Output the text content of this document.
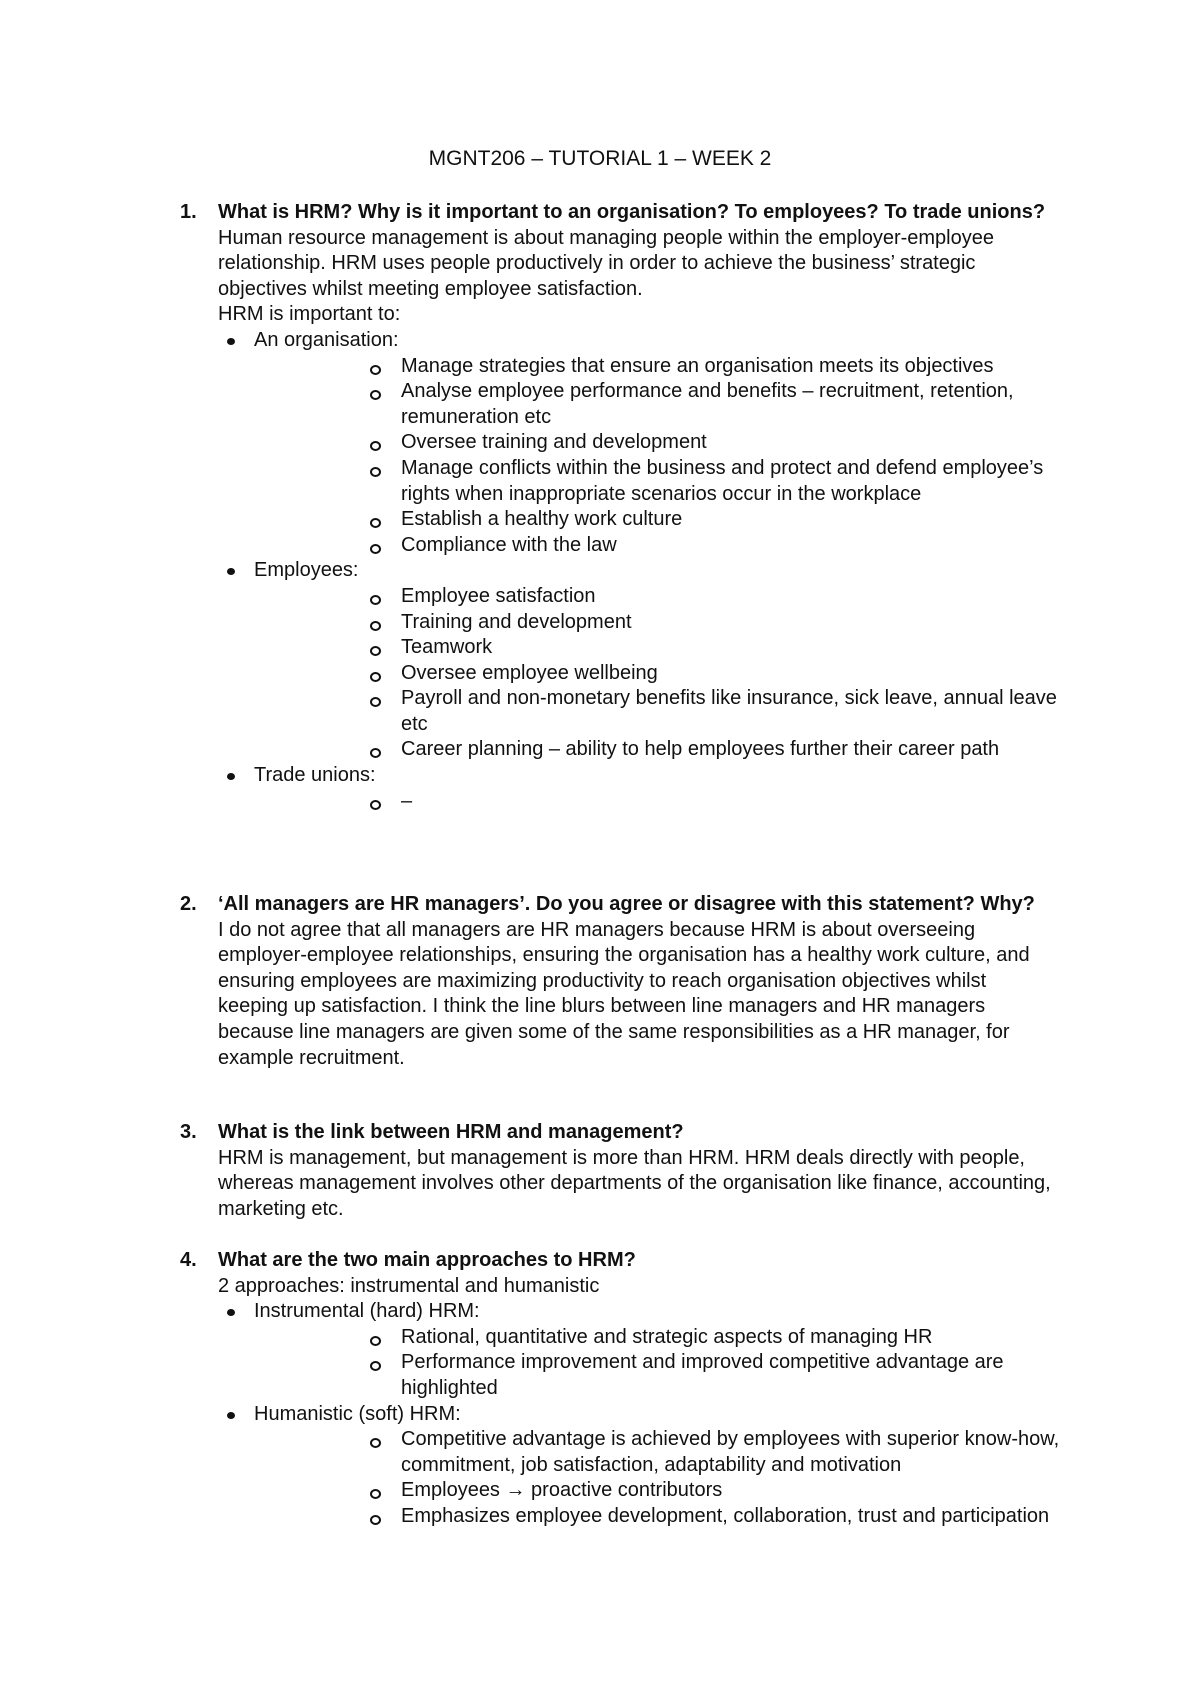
MGNT206 – TUTORIAL 1 – WEEK 2
1. What is HRM? Why is it important to an organisation? To employees? To trade unions?
Human resource management is about managing people within the employer-employee relationship. HRM uses people productively in order to achieve the business’ strategic objectives whilst meeting employee satisfaction.
HRM is important to:
An organisation:
Manage strategies that ensure an organisation meets its objectives
Analyse employee performance and benefits – recruitment, retention, remuneration etc
Oversee training and development
Manage conflicts within the business and protect and defend employee’s rights when inappropriate scenarios occur in the workplace
Establish a healthy work culture
Compliance with the law
Employees:
Employee satisfaction
Training and development
Teamwork
Oversee employee wellbeing
Payroll and non-monetary benefits like insurance, sick leave, annual leave etc
Career planning – ability to help employees further their career path
Trade unions:
–
2. ‘All managers are HR managers’. Do you agree or disagree with this statement? Why?
I do not agree that all managers are HR managers because HRM is about overseeing employer-employee relationships, ensuring the organisation has a healthy work culture, and ensuring employees are maximizing productivity to reach organisation objectives whilst keeping up satisfaction. I think the line blurs between line managers and HR managers because line managers are given some of the same responsibilities as a HR manager, for example recruitment.
3. What is the link between HRM and management?
HRM is management, but management is more than HRM. HRM deals directly with people, whereas management involves other departments of the organisation like finance, accounting, marketing etc.
4. What are the two main approaches to HRM?
2 approaches: instrumental and humanistic
Instrumental (hard) HRM:
Rational, quantitative and strategic aspects of managing HR
Performance improvement and improved competitive advantage are highlighted
Humanistic (soft) HRM:
Competitive advantage is achieved by employees with superior know-how, commitment, job satisfaction, adaptability and motivation
Employees → proactive contributors
Emphasizes employee development, collaboration, trust and participation
